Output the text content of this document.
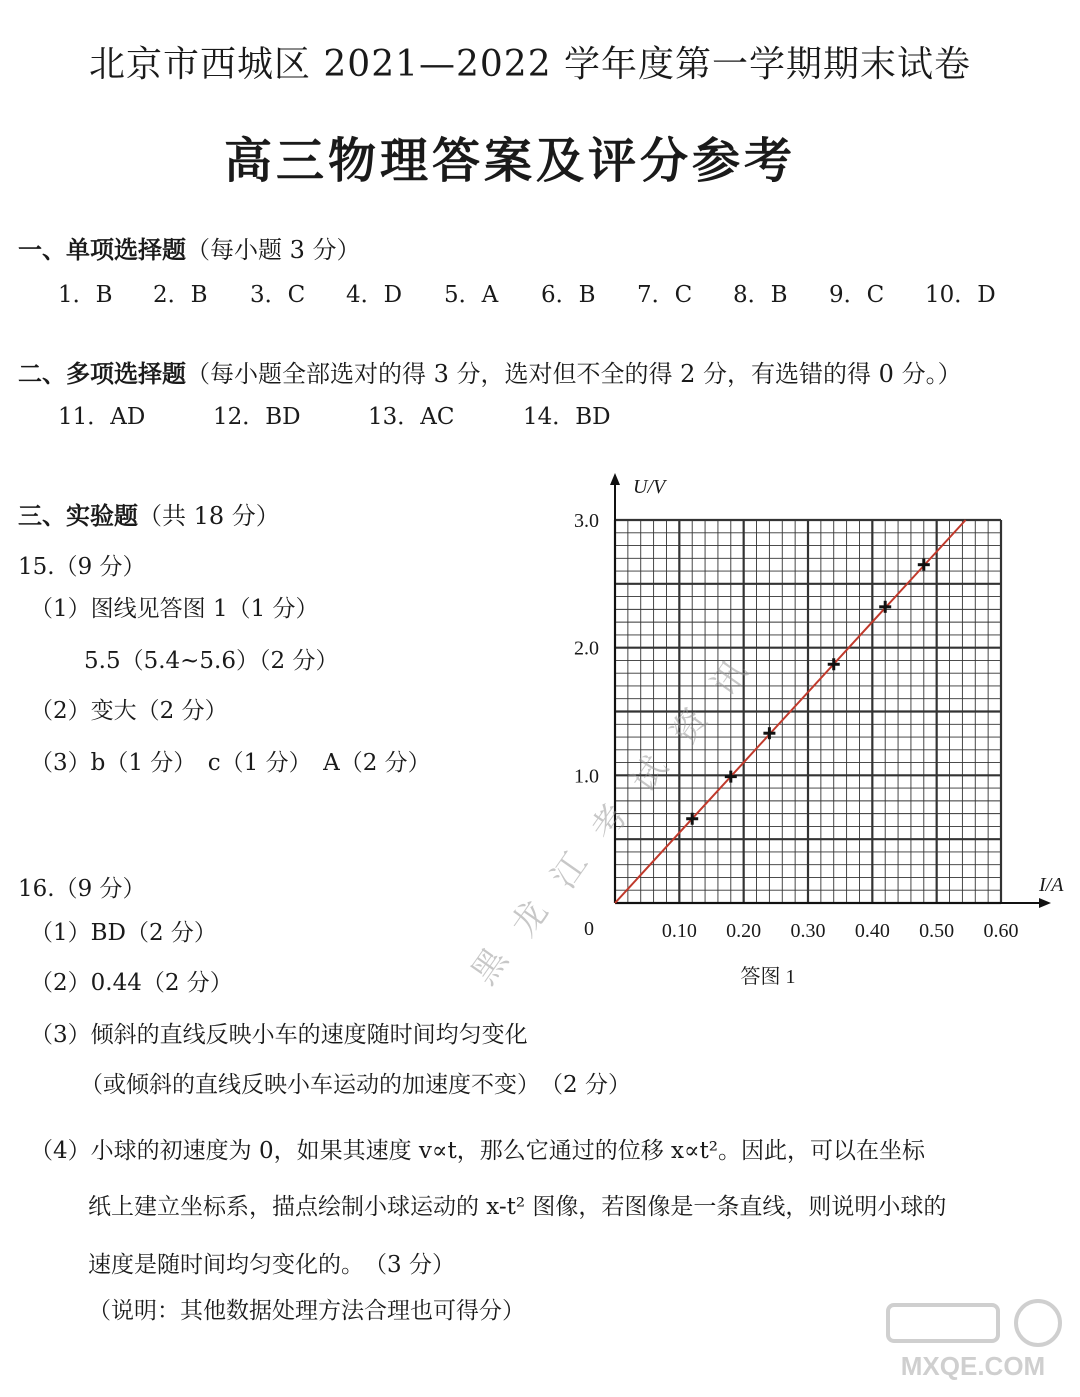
北京市西城区 2021—2022 学年度第一学期期末试卷
高三物理答案及评分参考
一、单项选择题（每小题 3 分）
1．B 2．B 3．C 4．D 5．A 6．B 7．C 8．B 9．C 10．D
二、多项选择题（每小题全部选对的得 3 分，选对但不全的得 2 分，有选错的得 0 分。）
11．AD	12．BD	13．AC	14．BD
三、实验题（共 18 分）
15.（9 分）
（1）图线见答图 1（1 分）
5.5（5.4~5.6）（2 分）
（2）变大（2 分）
（3）b（1 分）　c（1 分）　A（2 分）
16.（9 分）
（1）BD（2 分）
（2）0.44（2 分）
（3）倾斜的直线反映小车的速度随时间均匀变化
（或倾斜的直线反映小车运动的加速度不变）　（2 分）
（4）小球的初速度为 0，如果其速度 v∝t，那么它通过的位移 x∝t²。因此，可以在坐标
纸上建立坐标系，描点绘制小球运动的 x-t² 图像，若图像是一条直线，则说明小球的
速度是随时间均匀变化的。　（3 分）
（说明：其他数据处理方法合理也可得分）
0.10 0.20 0.30 0.40 0.50 0.60
1.0
2.0
3.0
0
U/V
I/A
答图 1
黑
龙
江
考
试
资
讯
MXQE.COM
